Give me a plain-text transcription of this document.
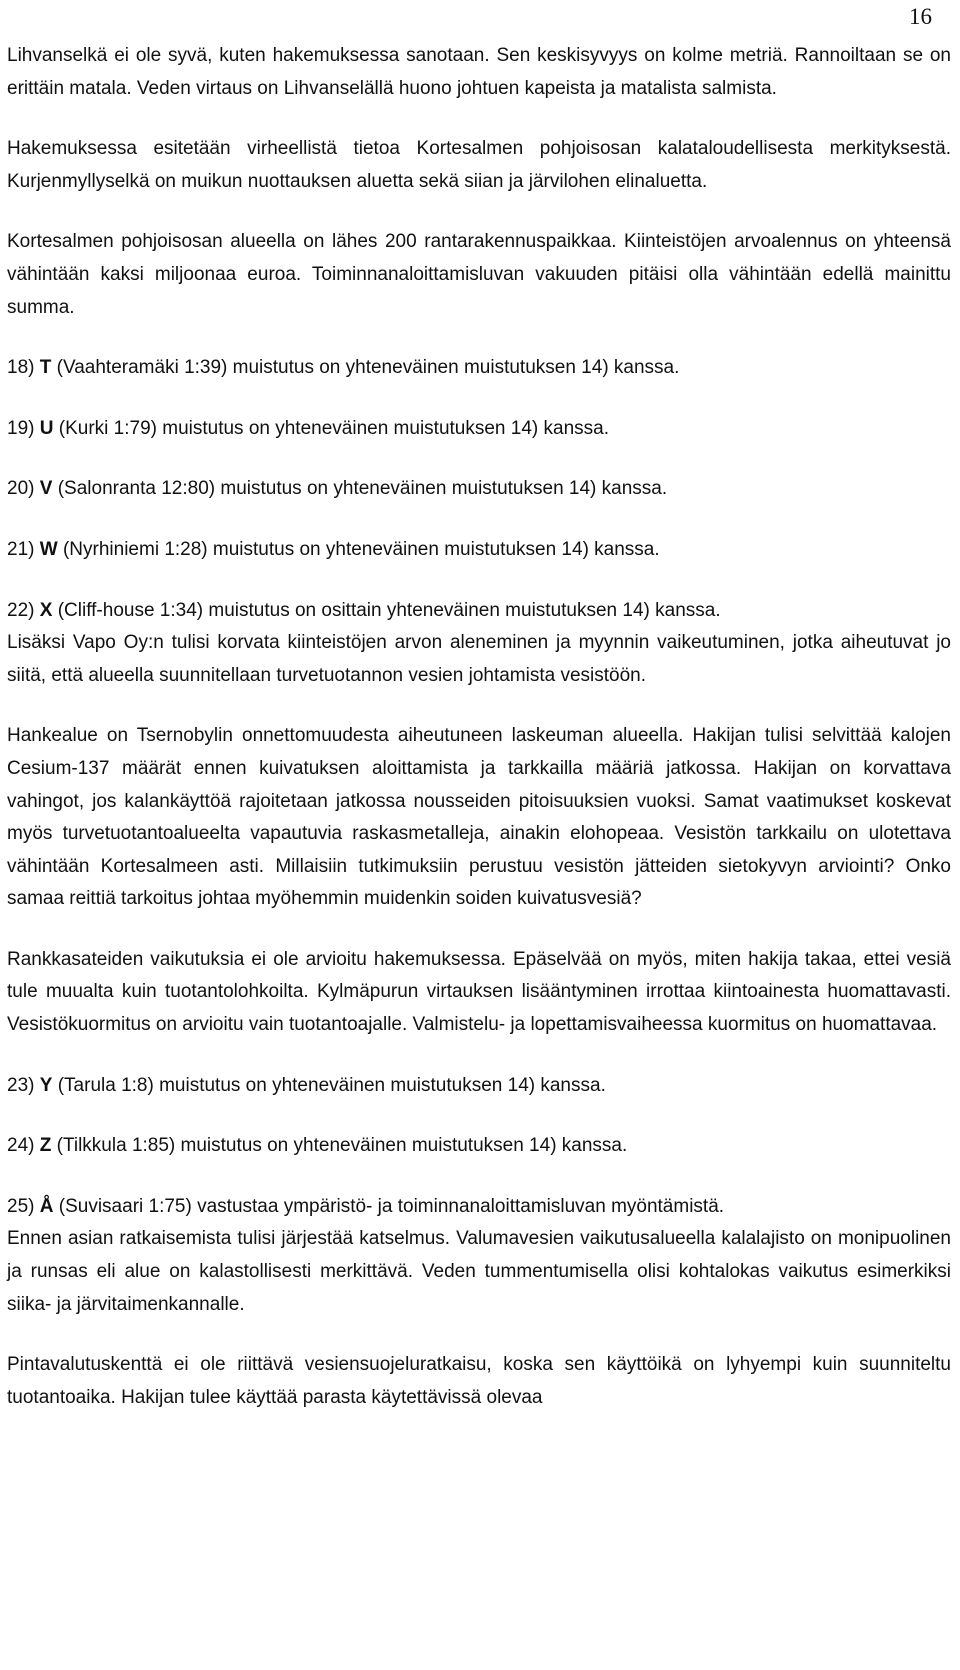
16

Lihvanselkä ei ole syvä, kuten hakemuksessa sanotaan. Sen keskisyvyys on kolme metriä. Rannoiltaan se on erittäin matala. Veden virtaus on Lihvanselällä huono johtuen kapeista ja matalista salmista.

Hakemuksessa esitetään virheellistä tietoa Kortesalmen pohjoisosan kalataloudellisesta merkityksestä. Kurjenmyllyselkä on muikun nuottauksen aluetta sekä siian ja järvilohen elinaluetta.

Kortesalmen pohjoisosan alueella on lähes 200 rantarakennuspaikkaa. Kiinteistöjen arvoalennus on yhteensä vähintään kaksi miljoonaa euroa. Toiminnanaloittamisluvan vakuuden pitäisi olla vähintään edellä mainittu summa.

18) T (Vaahteramäki 1:39) muistutus on yhteneväinen muistutuksen 14) kanssa.

19) U (Kurki 1:79) muistutus on yhteneväinen muistutuksen 14) kanssa.

20) V (Salonranta 12:80) muistutus on yhteneväinen muistutuksen 14) kanssa.

21) W (Nyrhiniemi 1:28) muistutus on yhteneväinen muistutuksen 14) kanssa.

22) X (Cliff-house 1:34) muistutus on osittain yhteneväinen muistutuksen 14) kanssa.

Lisäksi Vapo Oy:n tulisi korvata kiinteistöjen arvon aleneminen ja myynnin vaikeutuminen, jotka aiheutuvat jo siitä, että alueella suunnitellaan turvetuotannon vesien johtamista vesistöön.

Hankealue on Tsernobylin onnettomuudesta aiheutuneen laskeuman alueella. Hakijan tulisi selvittää kalojen Cesium-137 määrät ennen kuivatuksen aloittamista ja tarkkailla määriä jatkossa. Hakijan on korvattava vahingot, jos kalankäyttöä rajoitetaan jatkossa nousseiden pitoisuuksien vuoksi. Samat vaatimukset koskevat myös turvetuotantoalueelta vapautuvia raskasmetalleja, ainakin elohopeaa. Vesistön tarkkailu on ulotettava vähintään Kortesalmeen asti. Millaisiin tutkimuksiin perustuu vesistön jätteiden sietokyvyn arviointi? Onko samaa reittiä tarkoitus johtaa myöhemmin muidenkin soiden kuivatusvesiä?

Rankkasateiden vaikutuksia ei ole arvioitu hakemuksessa. Epäselvää on myös, miten hakija takaa, ettei vesiä tule muualta kuin tuotantolohkoilta. Kylmäpurun virtauksen lisääntyminen irrottaa kiintoainesta huomattavasti. Vesistökuormitus on arvioitu vain tuotantoajalle. Valmistelu- ja lopettamisvaiheessa kuormitus on huomattavaa.

23) Y (Tarula 1:8) muistutus on yhteneväinen muistutuksen 14) kanssa.

24) Z (Tilkkula 1:85) muistutus on yhteneväinen muistutuksen 14) kanssa.

25) Å (Suvisaari 1:75) vastustaa ympäristö- ja toiminnanaloittamisluvan myöntämistä.

Ennen asian ratkaisemista tulisi järjestää katselmus. Valumavesien vaikutusalueella kalalajisto on monipuolinen ja runsas eli alue on kalastollisesti merkittävä. Veden tummentumisella olisi kohtalokas vaikutus esimerkiksi siika- ja järvitaimenkannalle.

Pintavalutuskenttä ei ole riittävä vesiensuojeluratkaisu, koska sen käyttöikä on lyhyempi kuin suunniteltu tuotantoaika. Hakijan tulee käyttää parasta käytettävissä olevaa
